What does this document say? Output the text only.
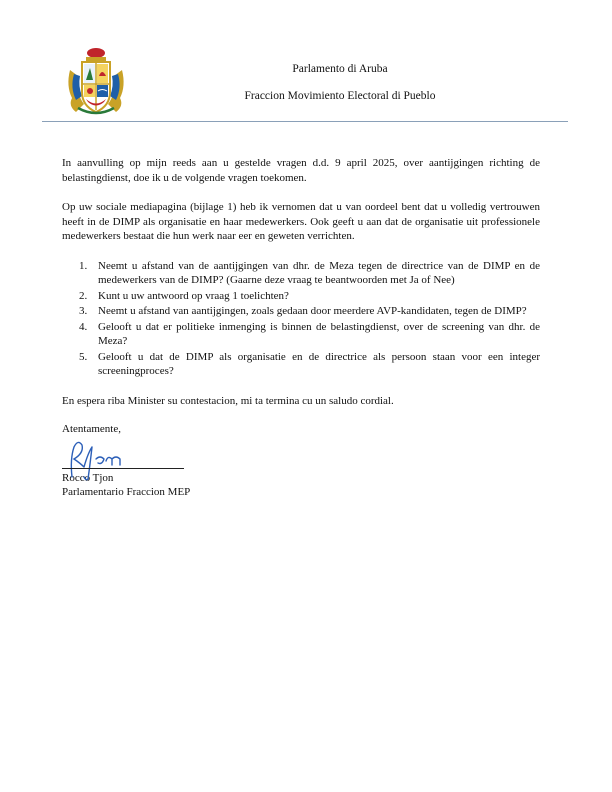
Parlamento di Aruba
Fraccion Movimiento Electoral di Pueblo

In aanvulling op mijn reeds aan u gestelde vragen d.d. 9 april 2025, over aantijgingen richting de belastingdienst, doe ik u de volgende vragen toekomen.

Op uw sociale mediapagina (bijlage 1) heb ik vernomen dat u van oordeel bent dat u volledig vertrouwen heeft in de DIMP als organisatie en haar medewerkers. Ook geeft u aan dat de organisatie uit professionele medewerkers bestaat die hun werk naar eer en geweten verrichten.

1. Neemt u afstand van de aantijgingen van dhr. de Meza tegen de directrice van de DIMP en de medewerkers van de DIMP? (Gaarne deze vraag te beantwoorden met Ja of Nee)
2. Kunt u uw antwoord op vraag 1 toelichten?
3. Neemt u afstand van aantijgingen, zoals gedaan door meerdere AVP-kandidaten, tegen de DIMP?
4. Gelooft u dat er politieke inmenging is binnen de belastingdienst, over de screening van dhr. de Meza?
5. Gelooft u dat de DIMP als organisatie en de directrice als persoon staan voor een integer screeningproces?

En espera riba Minister su contestacion, mi ta termina cu un saludo cordial.

Atentamente,

Rocco Tjon

Parlamentario Fraccion MEP
